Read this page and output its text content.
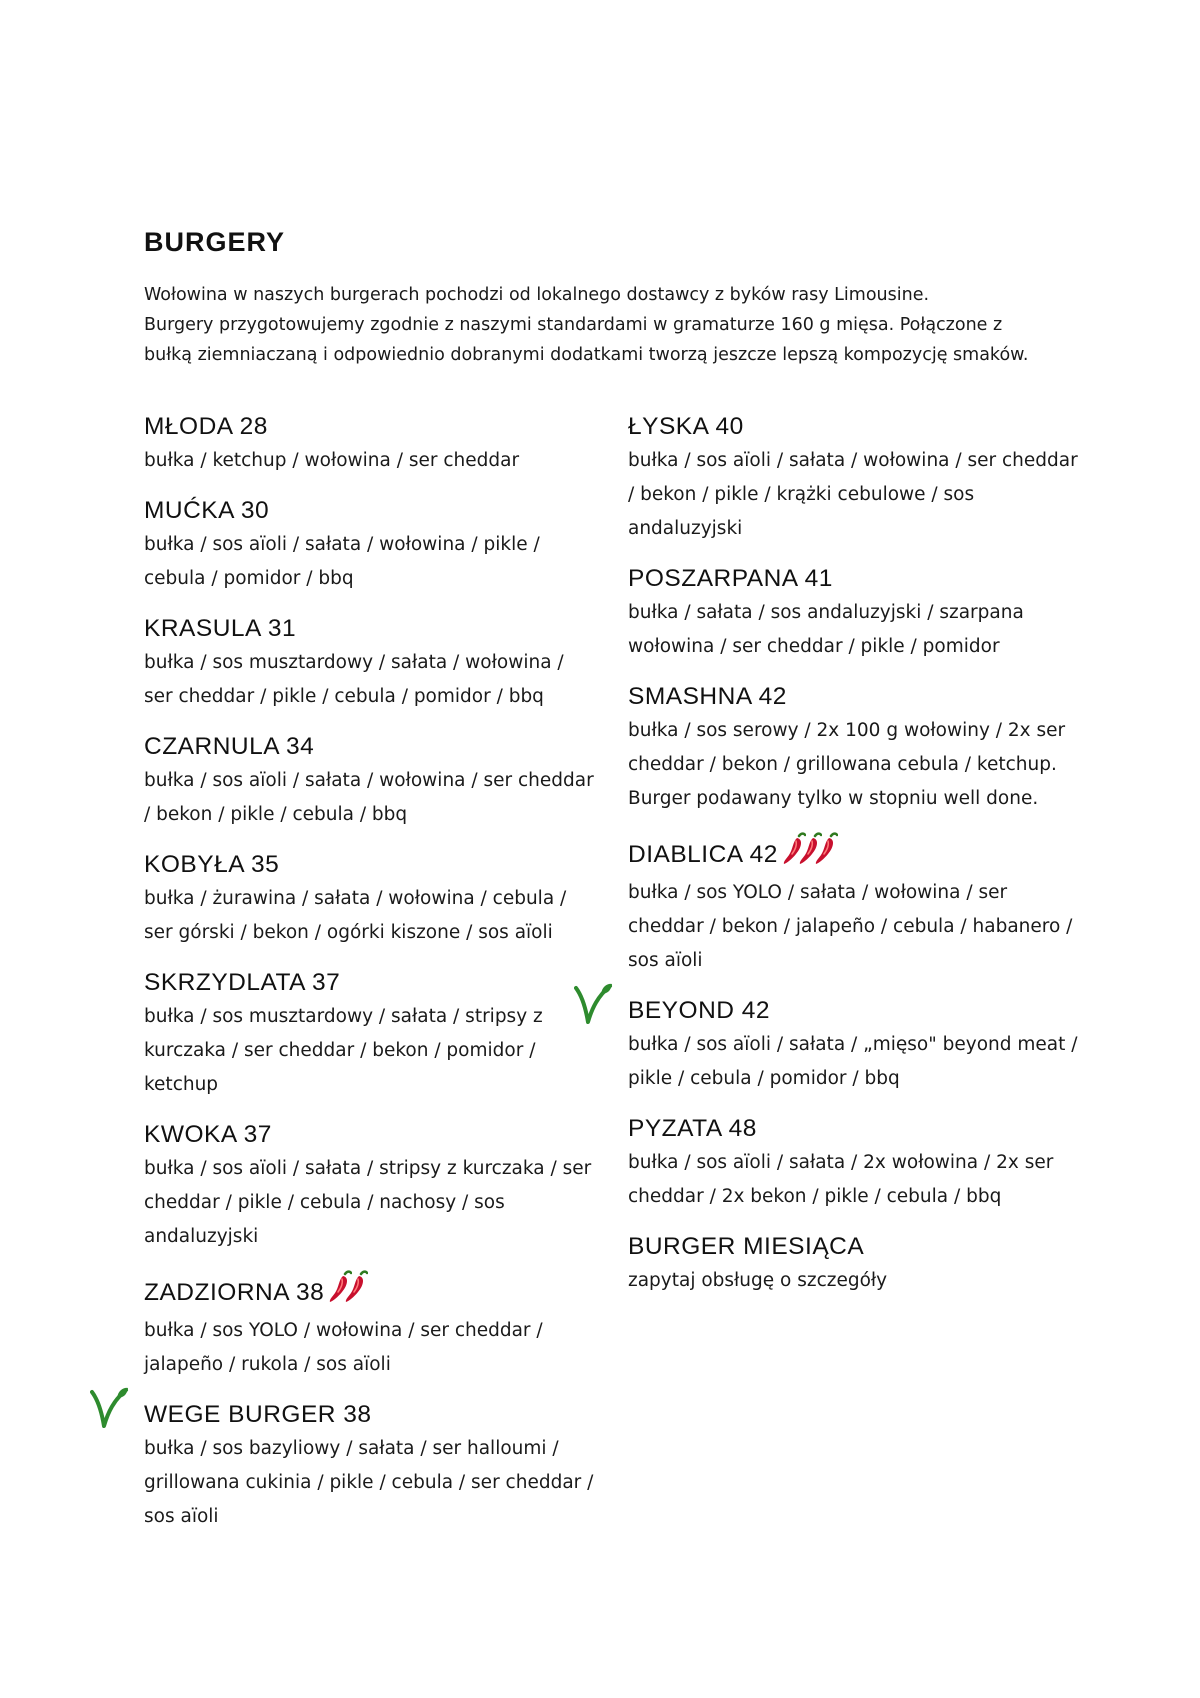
BURGERY

Wołowina w naszych burgerach pochodzi od lokalnego dostawcy z byków rasy Limousine.

Burgery przygotowujemy zgodnie z naszymi standardami w gramaturze 160 g mięsa. Połączone z

bułką ziemniaczaną i odpowiednio dobranymi dodatkami tworzą jeszcze lepszą kompozycję smaków.

MŁODA 28
bułka / ketchup / wołowina / ser cheddar
MUĆKA 30
bułka / sos aïoli / sałata / wołowina / pikle / cebula / pomidor / bbq
KRASULA 31
bułka / sos musztardowy / sałata / wołowina / ser cheddar / pikle / cebula / pomidor / bbq
CZARNULA 34
bułka / sos aïoli / sałata / wołowina / ser cheddar / bekon / pikle / cebula / bbq
KOBYŁA 35
bułka / żurawina / sałata / wołowina / cebula / ser górski / bekon / ogórki kiszone / sos aïoli
SKRZYDLATA 37
bułka / sos musztardowy / sałata / stripsy z kurczaka / ser cheddar / bekon / pomidor / ketchup
KWOKA 37
bułka / sos aïoli / sałata / stripsy z kurczaka / ser cheddar / pikle / cebula / nachosy / sos andaluzyjski
ZADZIORNA 38
bułka / sos YOLO / wołowina / ser cheddar / jalapeño / rukola / sos aïoli
WEGE BURGER 38
bułka / sos bazyliowy / sałata / ser halloumi / grillowana cukinia / pikle / cebula / ser cheddar / sos aïoli
ŁYSKA 40
bułka / sos aïoli / sałata / wołowina / ser cheddar / bekon / pikle / krążki cebulowe / sos andaluzyjski
POSZARPANA 41
bułka / sałata / sos andaluzyjski / szarpana wołowina / ser cheddar / pikle / pomidor
SMASHNA 42
bułka / sos serowy / 2x 100 g wołowiny / 2x ser cheddar / bekon / grillowana cebula / ketchup. Burger podawany tylko w stopniu well done.
DIABLICA 42
bułka / sos YOLO / sałata / wołowina / ser cheddar / bekon / jalapeño / cebula / habanero / sos aïoli
BEYOND 42
bułka / sos aïoli / sałata / „mięso" beyond meat / pikle / cebula / pomidor / bbq
PYZATA 48
bułka / sos aïoli / sałata / 2x wołowina / 2x ser cheddar / 2x bekon / pikle / cebula / bbq
BURGER MIESIĄCA
zapytaj obsługę o szczegóły
